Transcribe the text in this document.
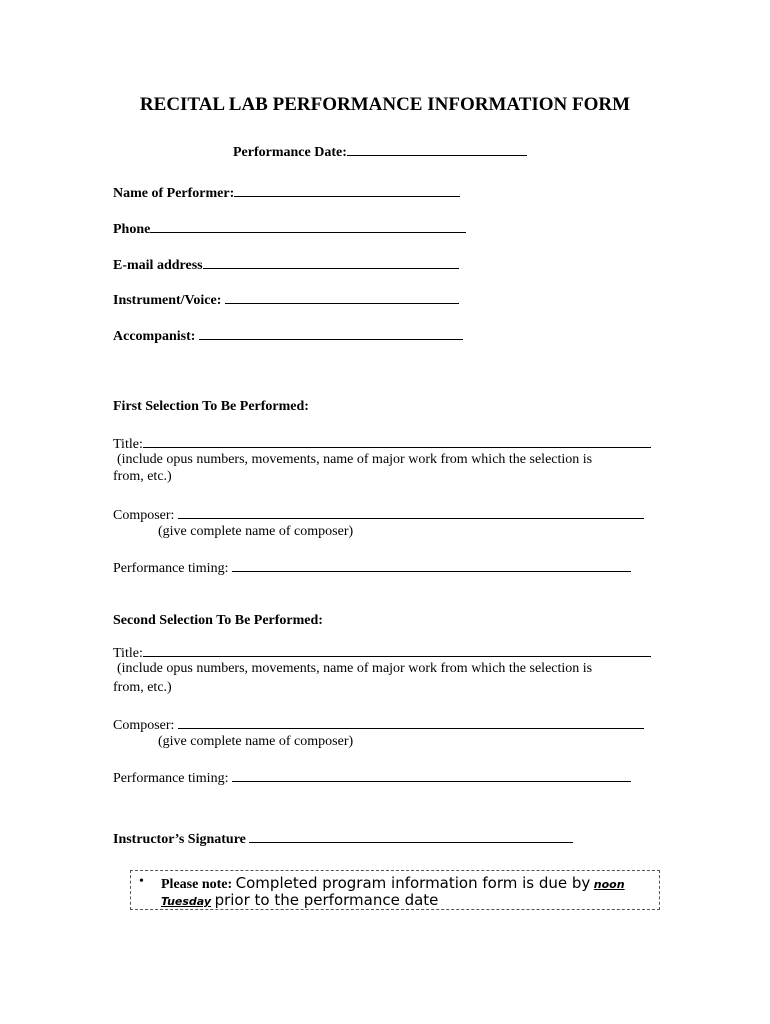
RECITAL LAB PERFORMANCE INFORMATION FORM
Performance Date:
Name of Performer:
Phone
E-mail address
Instrument/Voice:
Accompanist:
First Selection To Be Performed:
Title:
(include opus numbers, movements, name of major work from which the selection is
from, etc.)
Composer:
(give complete name of composer)
Performance timing:
Second Selection To Be Performed:
Title:
(include opus numbers, movements, name of major work from which the selection is
from, etc.)
Composer:
(give complete name of composer)
Performance timing:
Instructor’s Signature
• Please note: Completed program information form is due by noon
Tuesday prior to the performance date
